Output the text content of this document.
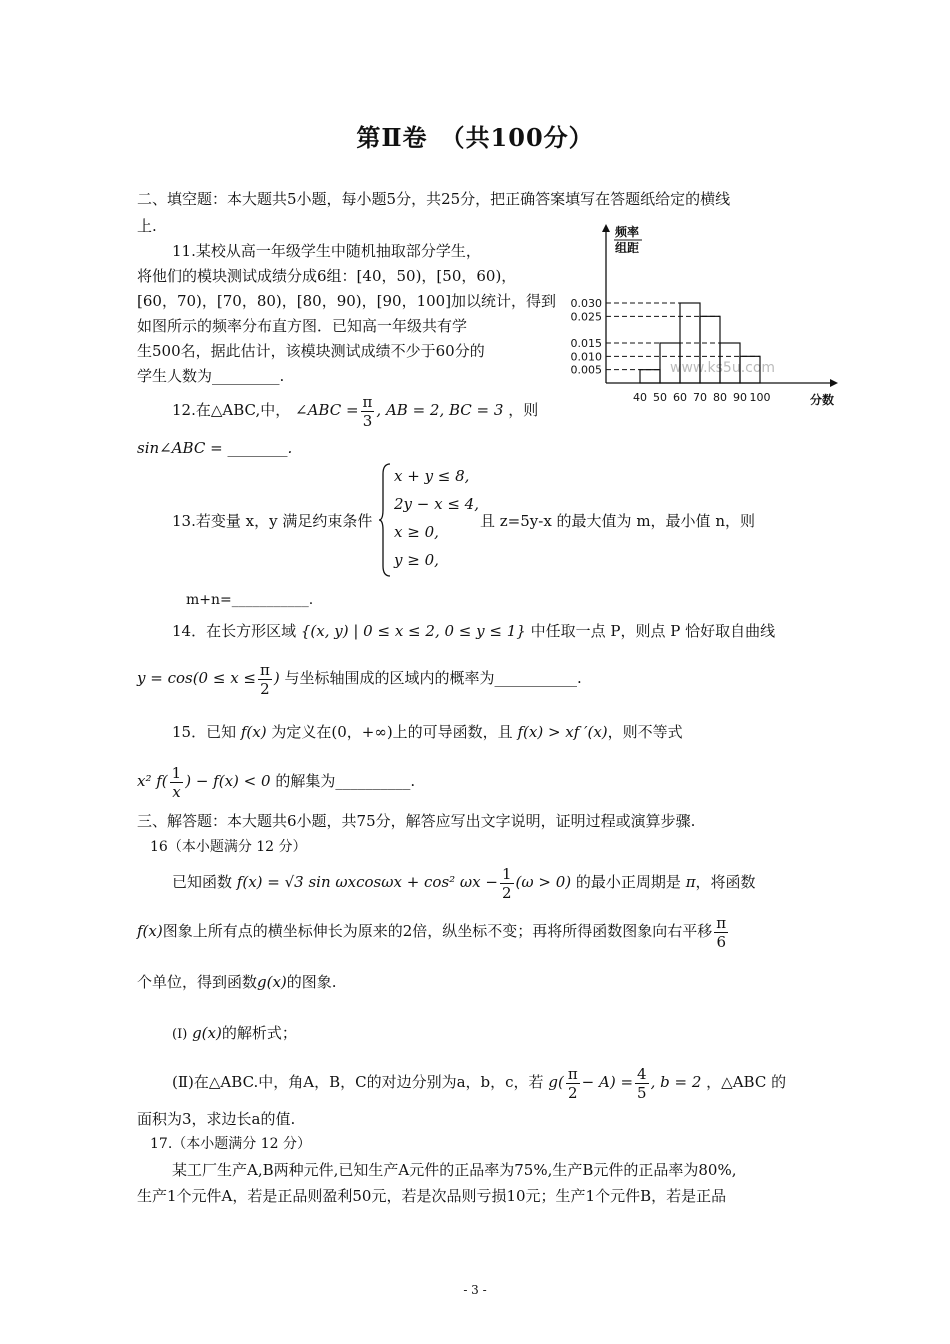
第Ⅱ卷　（共100分）
二、填空题：本大题共5小题，每小题5分，共25分，把正确答案填写在答题纸给定的横线
上.
11.某校从高一年级学生中随机抽取部分学生，
将他们的模块测试成绩分成6组：[40，50)，[50，60)，
[60，70)，[70，80)，[80，90)，[90，100]加以统计，得到
如图所示的频率分布直方图．已知高一年级共有学
生500名，据此估计，该模块测试成绩不少于60分的
学生人数为_________.
频率
组距
www.ks5u.com
分数
0.030
0.025
0.015
0.010
0.005
40 50 60 70 80 90 100
12.在△ABC,中， ∠ABC = $\frac{\pi}{3}$ , AB = 2, BC = 3 ，则
sin∠ABC = ________.
13.若变量 x，y 满足约束条件
x + y ≤ 8,
2y − x ≤ 4,
x ≥ 0,
y ≥ 0,
且 z=5y-x 的最大值为 m，最小值 n，则
m+n=___________.
14．在长方形区域 {(x, y) | 0 ≤ x ≤ 2, 0 ≤ y ≤ 1} 中任取一点 P，则点 P 恰好取自曲线
$y = \cos(0 \le x \le \frac{\pi}{2}$ ) 与坐标轴围成的区域内的概率为___________.
15．已知 f(x) 为定义在(0，+∞)上的可导函数，且 f(x) > xf ′(x)，则不等式
x² $f( \frac{1}{x}$ ) − f(x) < 0 的解集为__________.
三、解答题：本大题共6小题，共75分，解答应写出文字说明，证明过程或演算步骤.
16（本小题满分 12 分）
已知函数 f(x) = √3 sin ωxcosωx + cos² $\omega x - \frac{1}{2} (\omega > 0)$ 的最小正周期是 π，将函数
f(x)图象上所有点的横坐标伸长为原来的2倍，纵坐标不变；再将所得函数图象向右平移 $\frac{\pi}{6}$
个单位，得到函数g(x)的图象.
(I) g(x)的解析式；
(Ⅱ)在△ABC.中，角A，B，C的对边分别为a，b，c，若 $g( \frac{\pi}{2} - A) = \frac{4}{5}$ , b = 2 ，△ABC 的
面积为3，求边长a的值.
17.（本小题满分 12 分）
某工厂生产A,B两种元件,已知生产A元件的正品率为75%,生产B元件的正品率为80%,
生产1个元件A，若是正品则盈利50元，若是次品则亏损10元；生产1个元件B，若是正品
- 3 -
